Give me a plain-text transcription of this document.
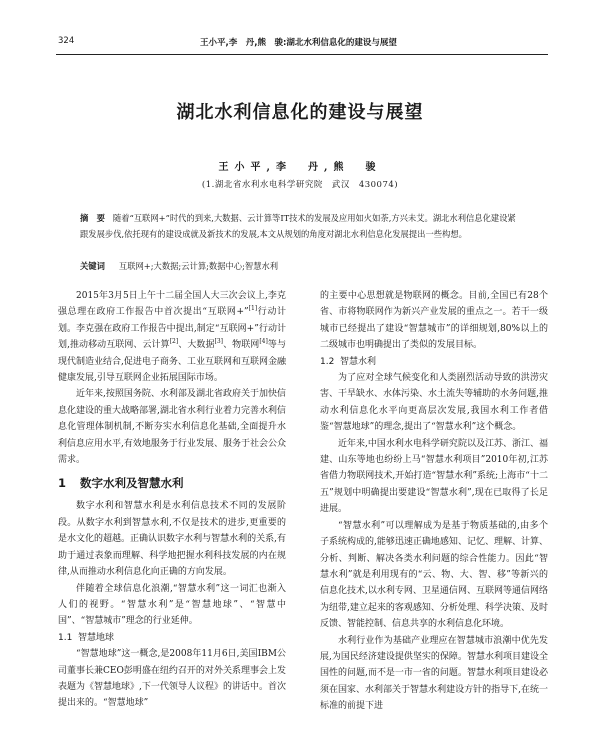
324	王小平,李　丹,熊　骏:湖北水利信息化的建设与展望
湖北水利信息化的建设与展望
王小平,李　丹,熊　骏
(1.湖北省水利水电科学研究院　武汉　430074)
摘　要 随着“互联网+”时代的到来,大数据、云计算等IT技术的发展及应用如火如荼,方兴未艾。湖北水利信息化建设紧跟发展步伐,依托现有的建设成就及新技术的发展,本文从规划的角度对湖北水利信息化发展提出一些构想。
关键词 互联网+;大数据;云计算;数据中心;智慧水利

2015年3月5日上午十二届全国人大三次会议上,李克强总理在政府工作报告中首次提出“互联网+”[1]行动计划。李克强在政府工作报告中提出,制定“互联网+”行动计划,推动移动互联网、云计算[2]、大数据[3]、物联网[4]等与现代制造业结合,促进电子商务、工业互联网和互联网金融健康发展,引导互联网企业拓展国际市场。

近年来,按照国务院、水利部及湖北省政府关于加快信息化建设的重大战略部署,湖北省水利行业着力完善水利信息化管理体制机制,不断夯实水利信息化基础,全面提升水利信息应用水平,有效地服务于行业发展、服务于社会公众需求。

1 数字水利及智慧水利

数字水利和智慧水利是水利信息技术不同的发展阶段。从数字水利到智慧水利,不仅是技术的进步,更重要的是水文化的超越。正确认识数字水利与智慧水利的关系,有助于通过表象而理解、科学地把握水利科技发展的内在规律,从而推动水利信息化向正确的方向发展。

伴随着全球信息化浪潮,“智慧水利”这一词汇也渐入人们的视野。“智慧水利”是“智慧地球”、“智慧中国”、“智慧城市”理念的行业延伸。

1.1 智慧地球

“智慧地球”这一概念,是2008年11月6日,美国IBM公司董事长兼CEO彭明盛在纽约召开的对外关系理事会上发表题为《智慧地球》,下一代领导人议程》的讲话中。首次提出来的。“智慧地球”

的主要中心思想就是物联网的概念。目前,全国已有28个省、市将物联网作为新兴产业发展的重点之一。若干一级城市已经提出了建设“智慧城市”的详细规划,80%以上的二级城市也明确提出了类似的发展目标。

1.2 智慧水利

为了应对全球气候变化和人类剧烈活动导致的洪涝灾害、干旱缺水、水体污染、水土流失等辅助的水务问题,推动水利信息化水平向更高层次发展,我国水利工作者借鉴“智慧地球”的理念,提出了“智慧水利”这个概念。

近年来,中国水利水电科学研究院以及江苏、浙江、福建、山东等地也纷纷上马“智慧水利项目”2010年初,江苏省借力物联网技术,开始打造“智慧水利”系统;上海市“十二五”规划中明确提出要建设“智慧水利”,现在已取得了长足进展。

“智慧水利”可以理解成为是基于物质基础的,由多个子系统构成的,能够迅速正确地感知、记忆、理解、计算、分析、判断、解决各类水利问题的综合性能力。因此“智慧水利”就是利用现有的“云、物、大、智、移”等新兴的信息化技术,以水利专网、卫星通信网、互联网等通信网络为纽带,建立起来的客观感知、分析处理、科学决策、及时反馈、智能控制、信息共享的水利信息化环境。

水利行业作为基础产业理应在智慧城市浪潮中优先发展,为国民经济建设提供坚实的保障。智慧水利项目建设全国性的问题,而不是一市一省的问题。智慧水利项目建设必须在国家、水利部关于智慧水利建设方针的指导下,在统一标准的前提下进
